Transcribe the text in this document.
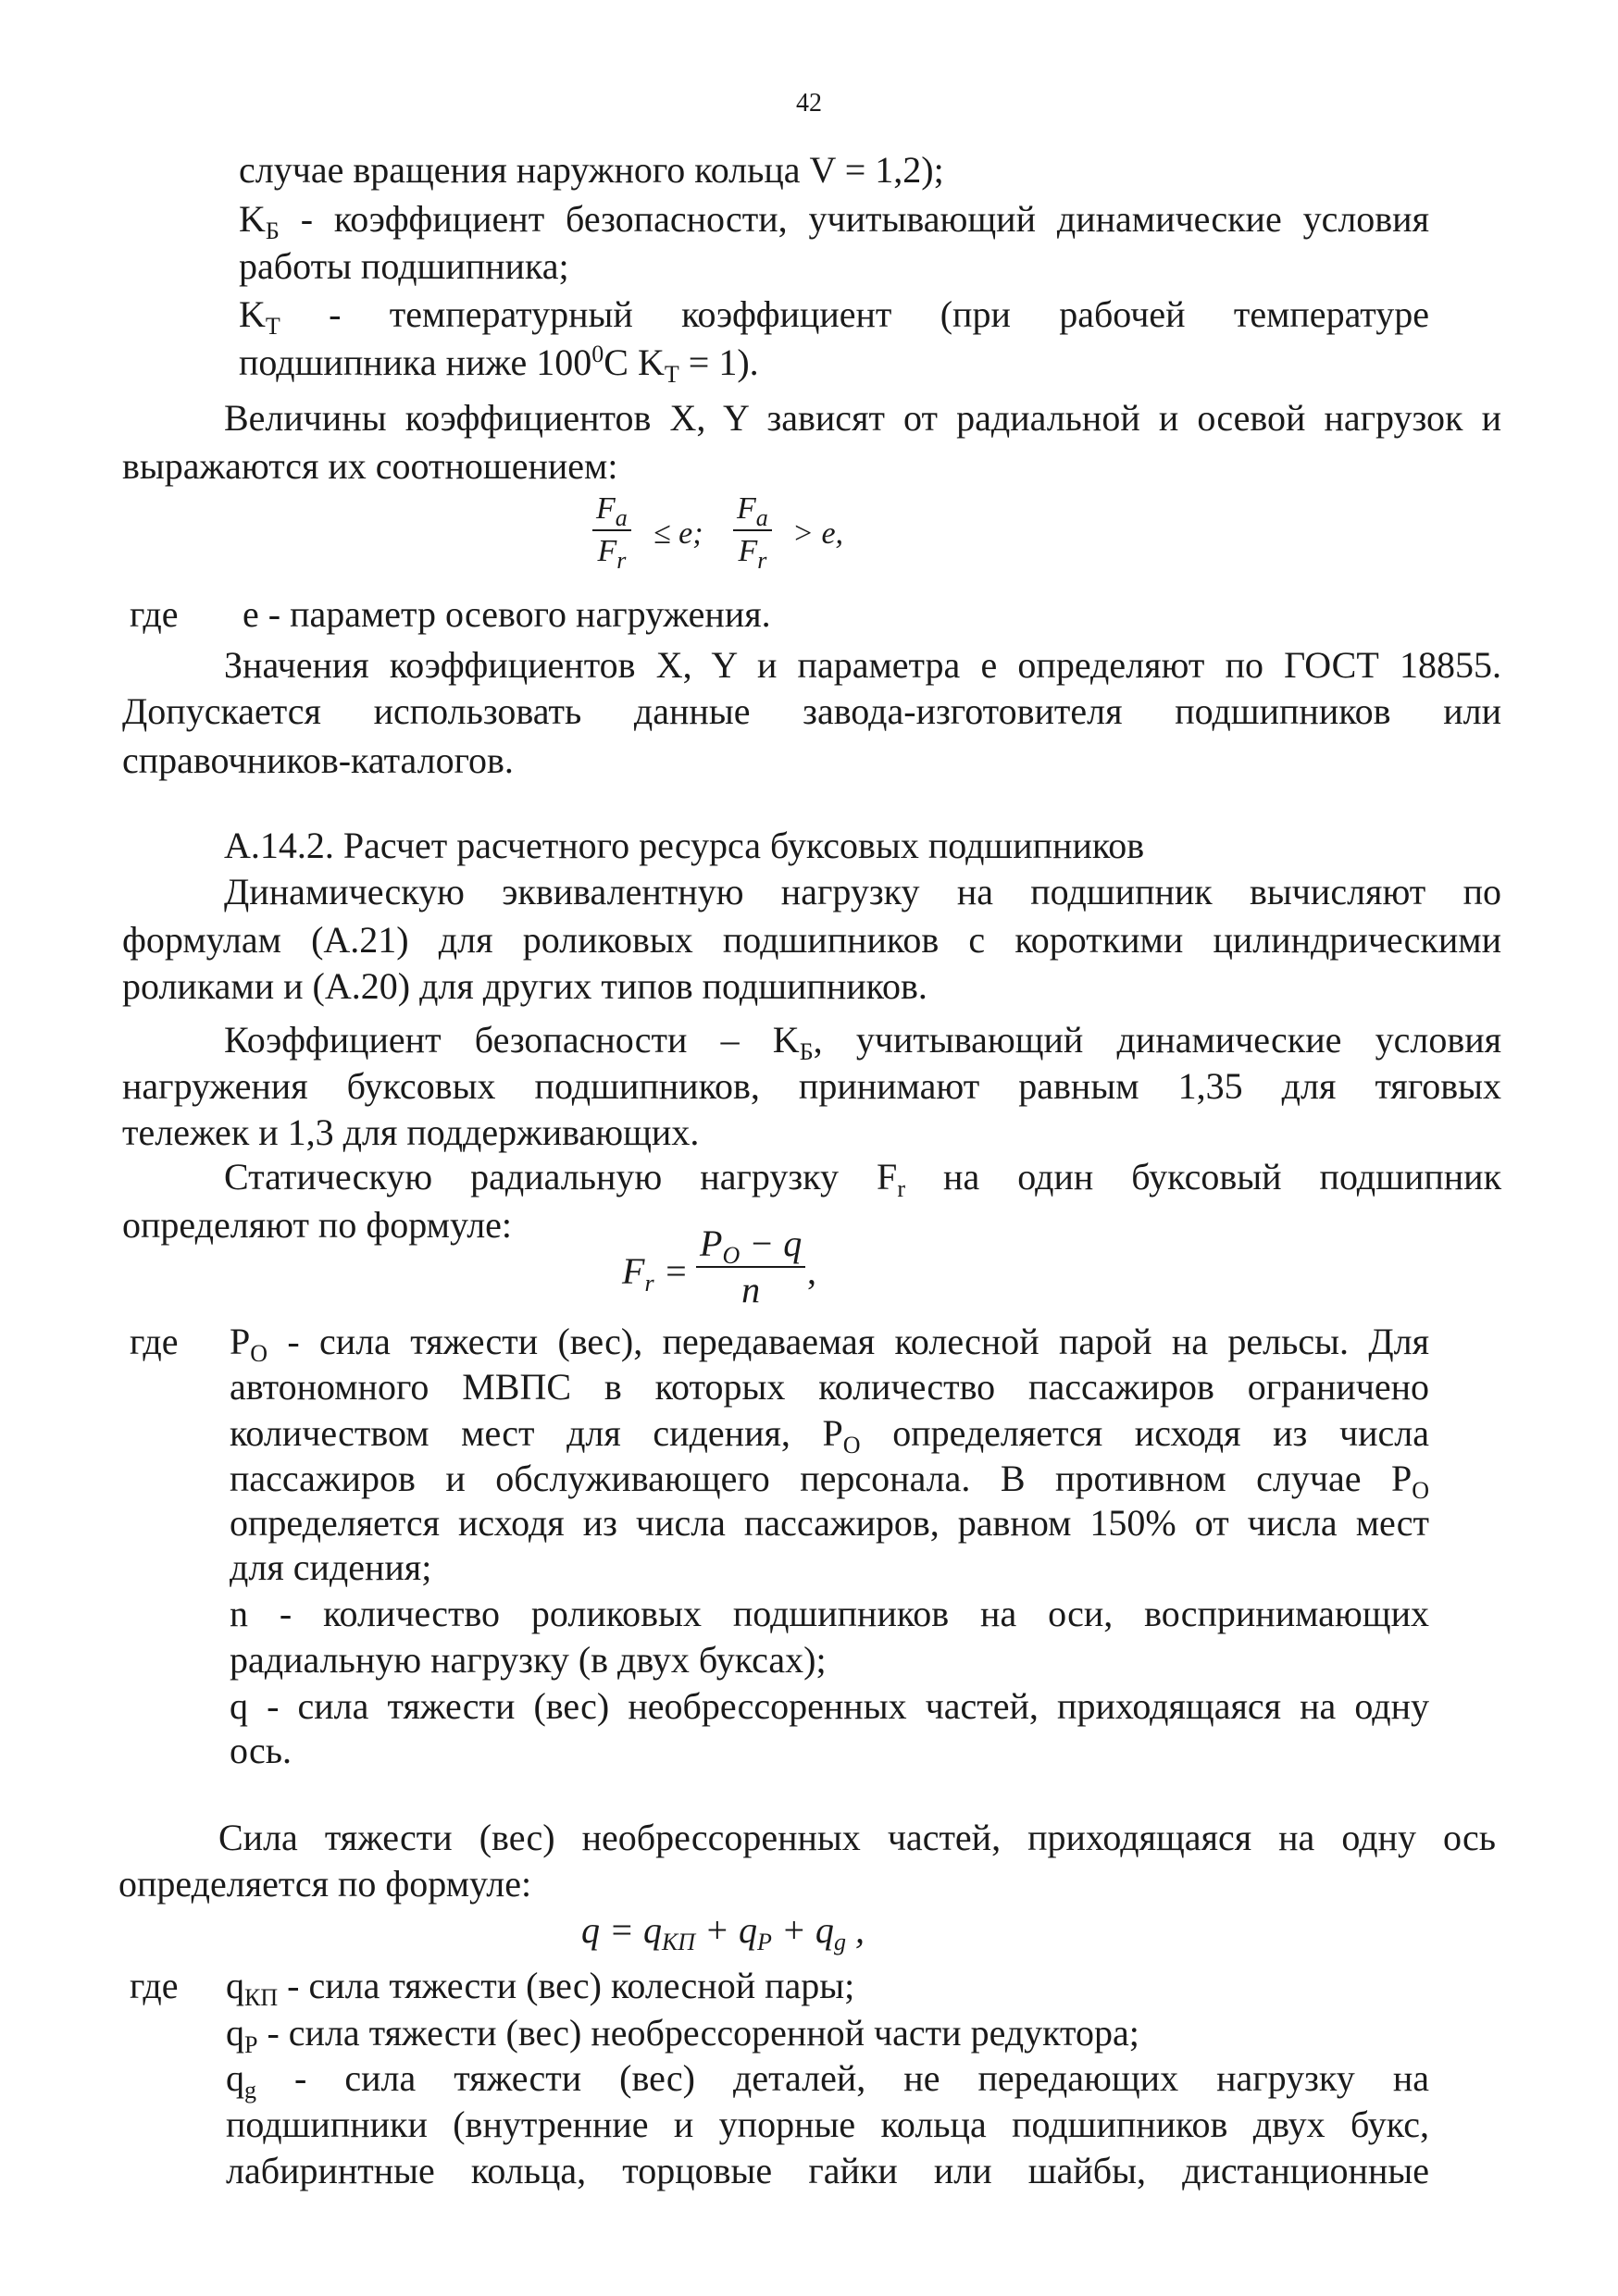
42
случае вращения наружного кольца V = 1,2);
$K_Б$ - коэффициент безопасности, учитывающий динамические условия
работы подшипника;
$K_Т$ - температурный коэффициент (при рабочей температуре
подшипника ниже $100^0C$ $K_Т = 1$).
Величины коэффициентов X, Y зависят от радиальной и осевой нагрузок и
выражаются их соотношением:
$\frac{F_a}{F_r} \le e$; $\frac{F_a}{F_r} > e$,
где e - параметр осевого нагружения.
Значения коэффициентов X, Y и параметра e определяют по ГОСТ 18855.
Допускается использовать данные завода-изготовителя подшипников или
справочников-каталогов.
А.14.2. Расчет расчетного ресурса буксовых подшипников
Динамическую эквивалентную нагрузку на подшипник вычисляют по
формулам (А.21) для роликовых подшипников с короткими цилиндрическими
роликами и (А.20) для других типов подшипников.
Коэффициент безопасности – $K_Б$, учитывающий динамические условия
нагружения буксовых подшипников, принимают равным 1,35 для тяговых
тележек и 1,3 для поддерживающих.
Статическую радиальную нагрузку $F_r$ на один буксовый подшипник
определяют по формуле:
$F_r = \frac{P_O - q}{n}$ ,
где $P_O$ - сила тяжести (вес), передаваемая колесной парой на рельсы. Для
автономного МВПС в которых количество пассажиров ограничено
количеством мест для сидения, $P_O$ определяется исходя из числа
пассажиров и обслуживающего персонала. В противном случае $P_O$
определяется исходя из числа пассажиров, равном 150% от числа мест
для сидения;
n - количество роликовых подшипников на оси, воспринимающих
радиальную нагрузку (в двух буксах);
q - сила тяжести (вес) необрессоренных частей, приходящаяся на одну
ось.
Сила тяжести (вес) необрессоренных частей, приходящаяся на одну ось
определяется по формуле:
$q = q_{КП} + q_Р + q_g$ ,
где $q_{КП}$ - сила тяжести (вес) колесной пары;
$q_Р$ - сила тяжести (вес) необрессоренной части редуктора;
$q_g$ - сила тяжести (вес) деталей, не передающих нагрузку на
подшипники (внутренние и упорные кольца подшипников двух букс,
лабиринтные кольца, торцовые гайки или шайбы, дистанционные
